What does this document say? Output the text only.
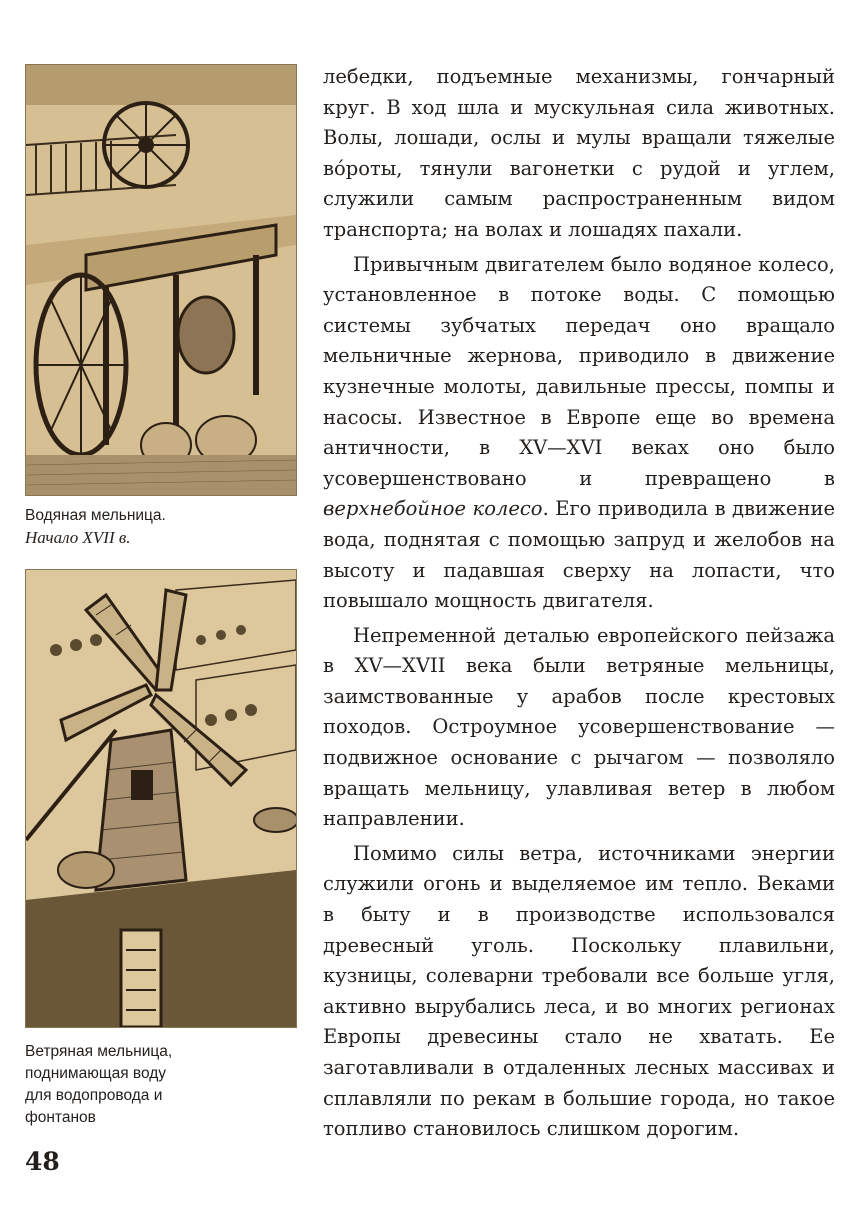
Водяная мельница.
Начало XVII в.
Ветряная мельница,
поднимающая воду
для водопровода и
фонтанов

лебедки, подъемные механизмы, гончарный круг. В ход шла и мускульная сила животных. Волы, лошади, ослы и мулы вращали тяжелые во́роты, тянули вагонетки с рудой и углем, служили самым распространенным видом транспорта; на волах и лошадях пахали.

Привычным двигателем было водяное колесо, установленное в потоке воды. С помощью системы зубчатых передач оно вращало мельничные жернова, приводило в движение кузнечные молоты, давильные прессы, помпы и насосы. Известное в Европе еще во времена античности, в XV—XVI веках оно было усовершенствовано и превращено в верхнебойное колесо. Его приводила в движение вода, поднятая с помощью запруд и желобов на высоту и падавшая сверху на лопасти, что повышало мощность двигателя.

Непременной деталью европейского пейзажа в XV—XVII века были ветряные мельницы, заимствованные у арабов после крестовых походов. Остроумное усовершенствование — подвижное основание с рычагом — позволяло вращать мельницу, улавливая ветер в любом направлении.

Помимо силы ветра, источниками энергии служили огонь и выделяемое им тепло. Веками в быту и в производстве использовался древесный уголь. Поскольку плавильни, кузницы, солеварни требовали все больше угля, активно вырубались леса, и во многих регионах Европы древесины стало не хватать. Ее заготавливали в отдаленных лесных массивах и сплавляли по рекам в большие города, но такое топливо становилось слишком дорогим.

48
